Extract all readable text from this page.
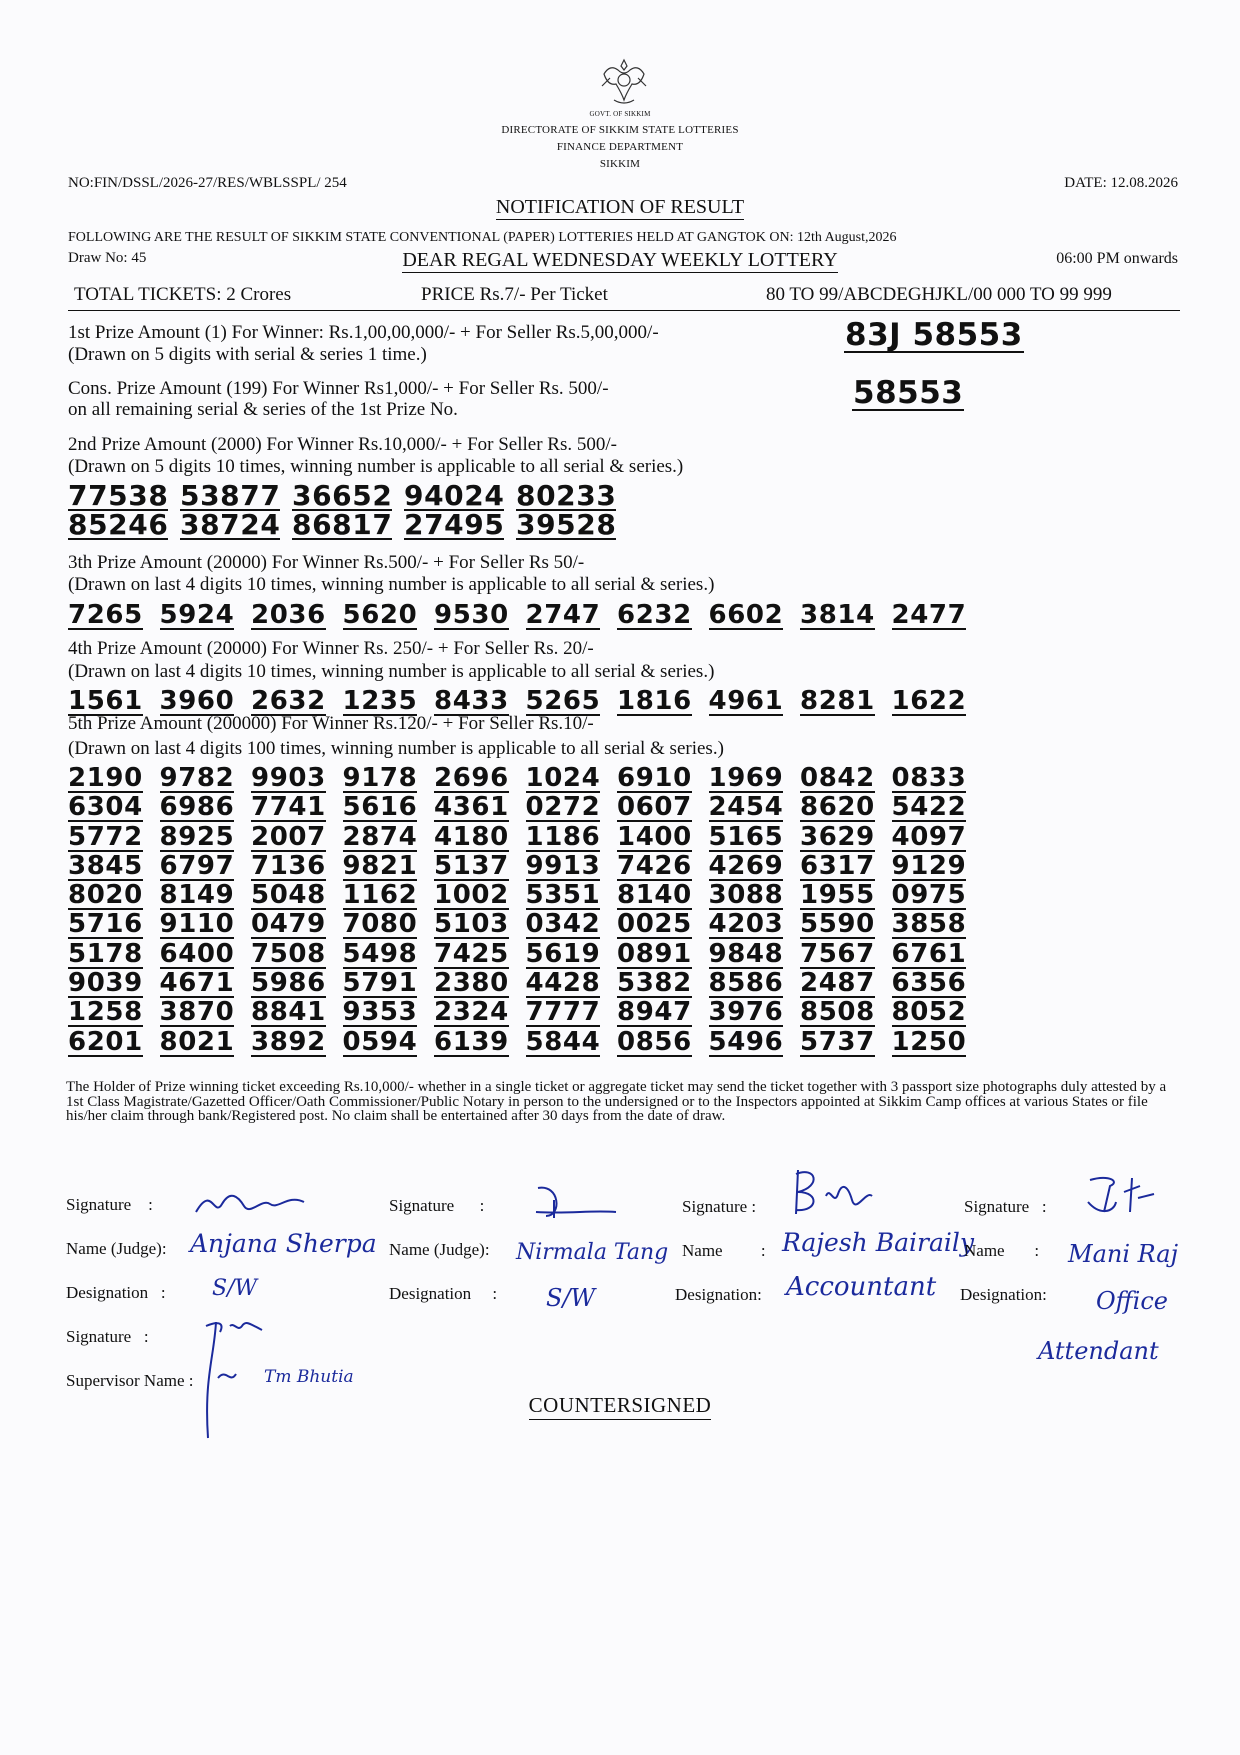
GOVT. OF SIKKIM
DIRECTORATE OF SIKKIM STATE LOTTERIES
FINANCE DEPARTMENT
SIKKIM
NO:FIN/DSSL/2026-27/RES/WBLSSPL/ 254	DATE: 12.08.2026
NOTIFICATION OF RESULT
FOLLOWING ARE THE RESULT OF SIKKIM STATE CONVENTIONAL (PAPER) LOTTERIES HELD AT GANGTOK ON: 12th August,2026
Draw No: 45	DEAR REGAL WEDNESDAY WEEKLY LOTTERY	06:00 PM onwards
TOTAL TICKETS: 2 Crores	PRICE Rs.7/- Per Ticket	80 TO 99/ABCDEGHJKL/00 000 TO 99 999
1st Prize Amount (1) For Winner: Rs.1,00,00,000/- + For Seller Rs.5,00,000/-
(Drawn on 5 digits with serial & series 1 time.)
83J 58553
Cons. Prize Amount (199) For Winner Rs1,000/- + For Seller Rs. 500/-
on all remaining serial & series of the 1st Prize No.	58553
2nd Prize Amount (2000) For Winner Rs.10,000/- + For Seller Rs. 500/-
(Drawn on 5 digits 10 times, winning number is applicable to all serial & series.)
77538 53877 36652 94024 80233
85246 38724 86817 27495 39528
3th Prize Amount (20000) For Winner Rs.500/- + For Seller Rs 50/-
(Drawn on last 4 digits 10 times, winning number is applicable to all serial & series.)
7265 5924 2036 5620 9530 2747 6232 6602 3814 2477
4th Prize Amount (20000) For Winner Rs. 250/- + For Seller Rs. 20/-
(Drawn on last 4 digits 10 times, winning number is applicable to all serial & series.)
1561 3960 2632 1235 8433 5265 1816 4961 8281 1622
5th Prize Amount (200000) For Winner Rs.120/- + For Seller Rs.10/-
(Drawn on last 4 digits 100 times, winning number is applicable to all serial & series.)
2190 9782 9903 9178 2696 1024 6910 1969 0842 0833
6304 6986 7741 5616 4361 0272 0607 2454 8620 5422
5772 8925 2007 2874 4180 1186 1400 5165 3629 4097
3845 6797 7136 9821 5137 9913 7426 4269 6317 9129
8020 8149 5048 1162 1002 5351 8140 3088 1955 0975
5716 9110 0479 7080 5103 0342 0025 4203 5590 3858
5178 6400 7508 5498 7425 5619 0891 9848 7567 6761
9039 4671 5986 5791 2380 4428 5382 8586 2487 6356
1258 3870 8841 9353 2324 7777 8947 3976 8508 8052
6201 8021 3892 0594 6139 5844 0856 5496 5737 1250
The Holder of Prize winning ticket exceeding Rs.10,000/- whether in a single ticket or aggregate ticket may send the ticket together with 3 passport size photographs duly attested by a 1st Class Magistrate/Gazetted Officer/Oath Commissioner/Public Notary in person to the undersigned or to the Inspectors appointed at Sikkim Camp offices at various States or file his/her claim through bank/Registered post. No claim shall be entertained after 30 days from the date of draw.
Signature    :
Name (Judge): Anjana Sherpa
Designation   : S/W
Signature      :
Name (Judge): Nirmala Tang
Designation     : S/W
Signature :
Name         : Rajesh Bairaily
Designation: Accountant
Signature   :
Name       : Mani Raj
Designation: Office
Attendant
Signature   :
Supervisor Name :	Tm Bhutia
COUNTERSIGNED
